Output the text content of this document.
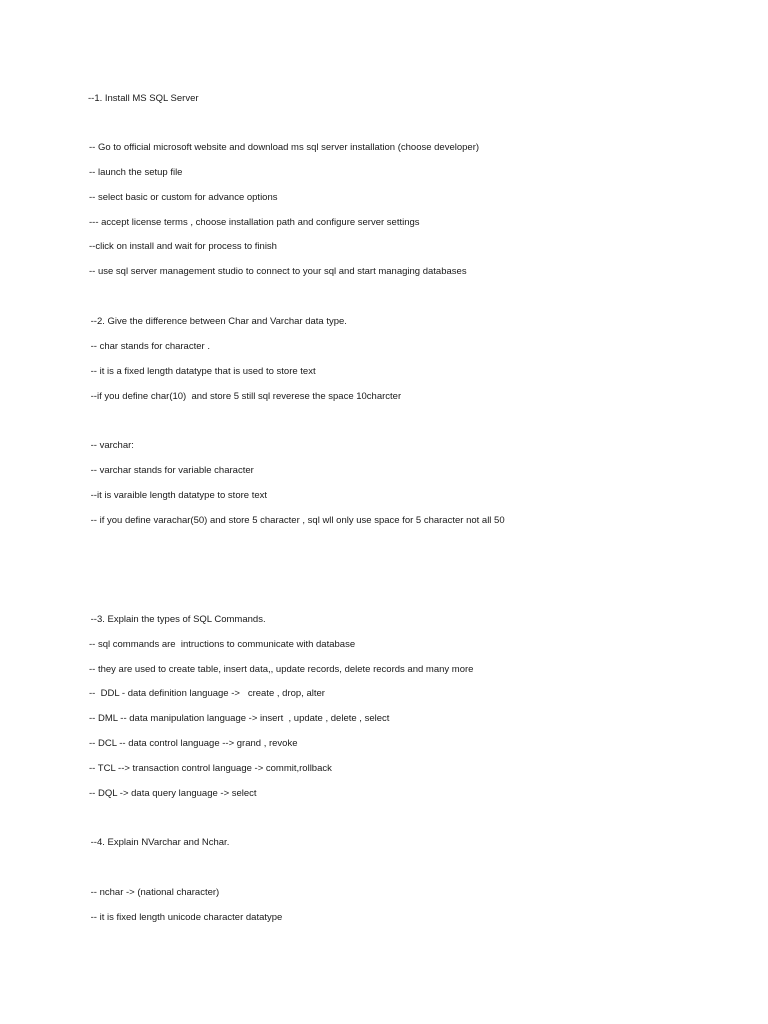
--1. Install MS SQL Server
-- Go to official microsoft website and download ms sql server installation (choose developer)
-- launch the setup file
-- select basic or custom for advance options
--- accept license terms , choose installation path and configure server settings
--click on install and wait for process to finish
-- use sql server management studio to connect to your sql and start managing databases
--2. Give the difference between Char and Varchar data type.
-- char stands for character .
-- it is a fixed length datatype that is used to store text
--if you define char(10)  and store 5 still sql reverese the space 10charcter
-- varchar:
-- varchar stands for variable character
--it is varaible length datatype to store text
-- if you define varachar(50) and store 5 character , sql wll only use space for 5 character not all 50
--3. Explain the types of SQL Commands.
-- sql commands are  intructions to communicate with database
-- they are used to create table, insert data,, update records, delete records and many more
--  DDL - data definition language ->   create , drop, alter
-- DML -- data manipulation language -> insert  , update , delete , select
-- DCL -- data control language --> grand , revoke
-- TCL --> transaction control language -> commit,rollback
-- DQL -> data query language -> select
--4. Explain NVarchar and Nchar.
-- nchar -> (national character)
-- it is fixed length unicode character datatype
